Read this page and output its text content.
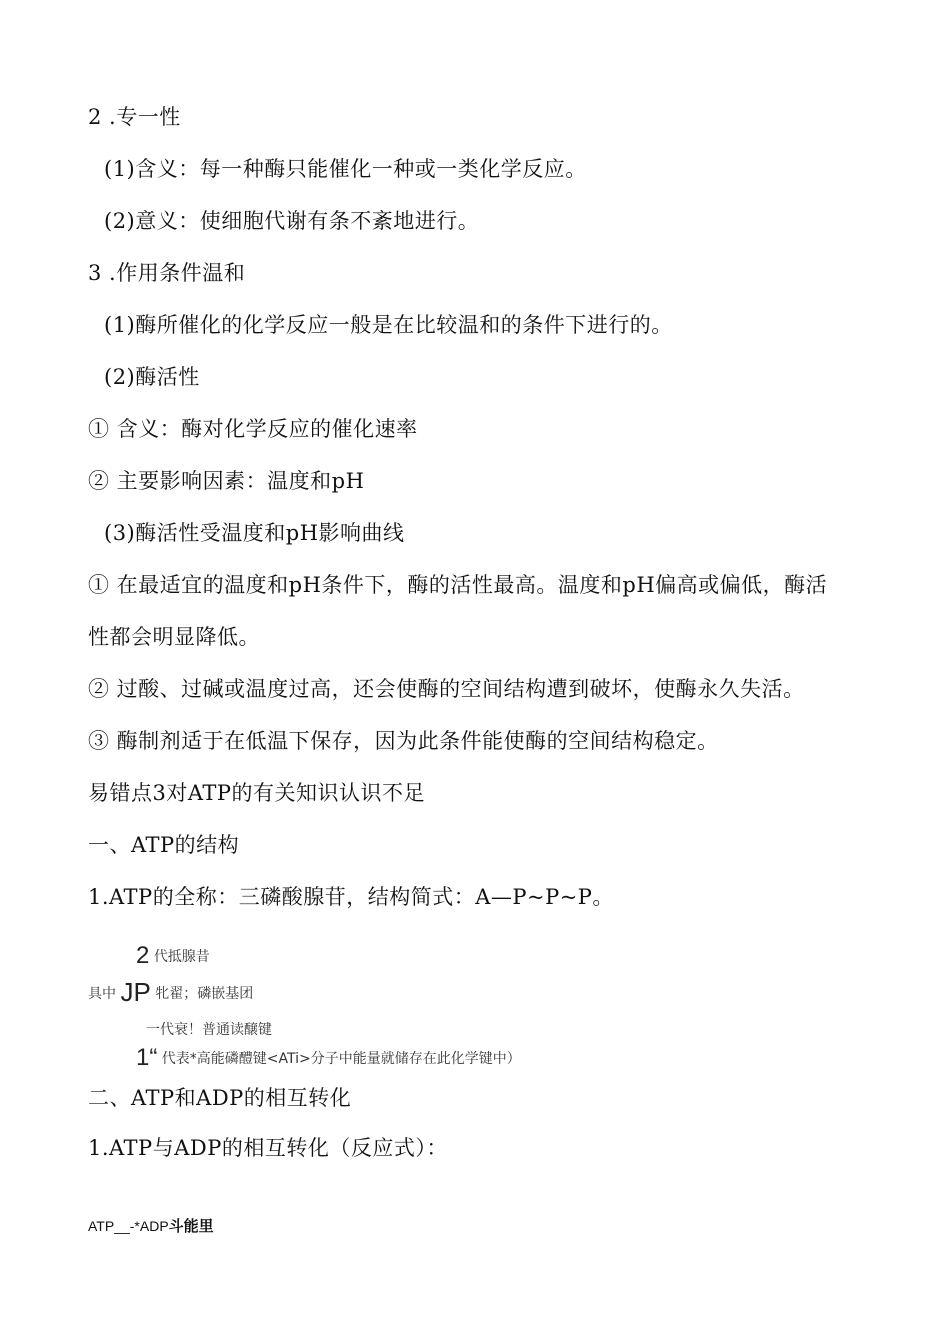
2 .专一性
(1)含义：每一种酶只能催化一种或一类化学反应。
(2)意义：使细胞代谢有条不紊地进行。
3 .作用条件温和
(1)酶所催化的化学反应一般是在比较温和的条件下进行的。
(2)酶活性
① 含义：酶对化学反应的催化速率
② 主要影响因素：温度和pH
(3)酶活性受温度和pH影响曲线
① 在最适宜的温度和pH条件下，酶的活性最高。温度和pH偏高或偏低，酶活
性都会明显降低。
② 过酸、过碱或温度过高，还会使酶的空间结构遭到破坏，使酶永久失活。
③ 酶制剂适于在低温下保存，因为此条件能使酶的空间结构稳定。
易错点3对ATP的有关知识认识不足
一、ATP的结构
1.ATP的全称：三磷酸腺苷，结构简式：A—P~P~P。
2 代抵腺昔
具中 JP 牝翟；磷嵌基团
一代衰！普通读醸键
1“ 代表*高能磷醴键<ATi>分子中能量就储存在此化学键中）
二、ATP和ADP的相互转化
1.ATP与ADP的相互转化（反应式）：
ATP__-*ADP斗能里
